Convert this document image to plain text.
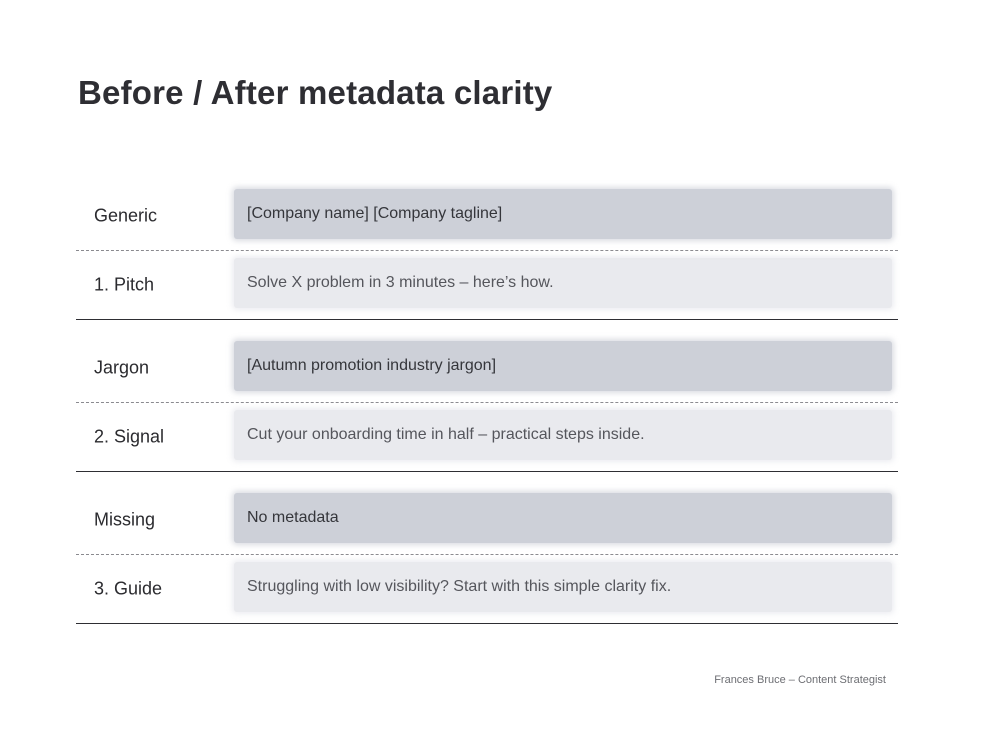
Before / After metadata clarity
Generic	[Company name] [Company tagline]
1. Pitch	Solve X problem in 3 minutes – here’s how.
Jargon	[Autumn promotion industry jargon]
2. Signal	Cut your onboarding time in half – practical steps inside.
Missing	No metadata
3. Guide	Struggling with low visibility? Start with this simple clarity fix.
Frances Bruce – Content Strategist
